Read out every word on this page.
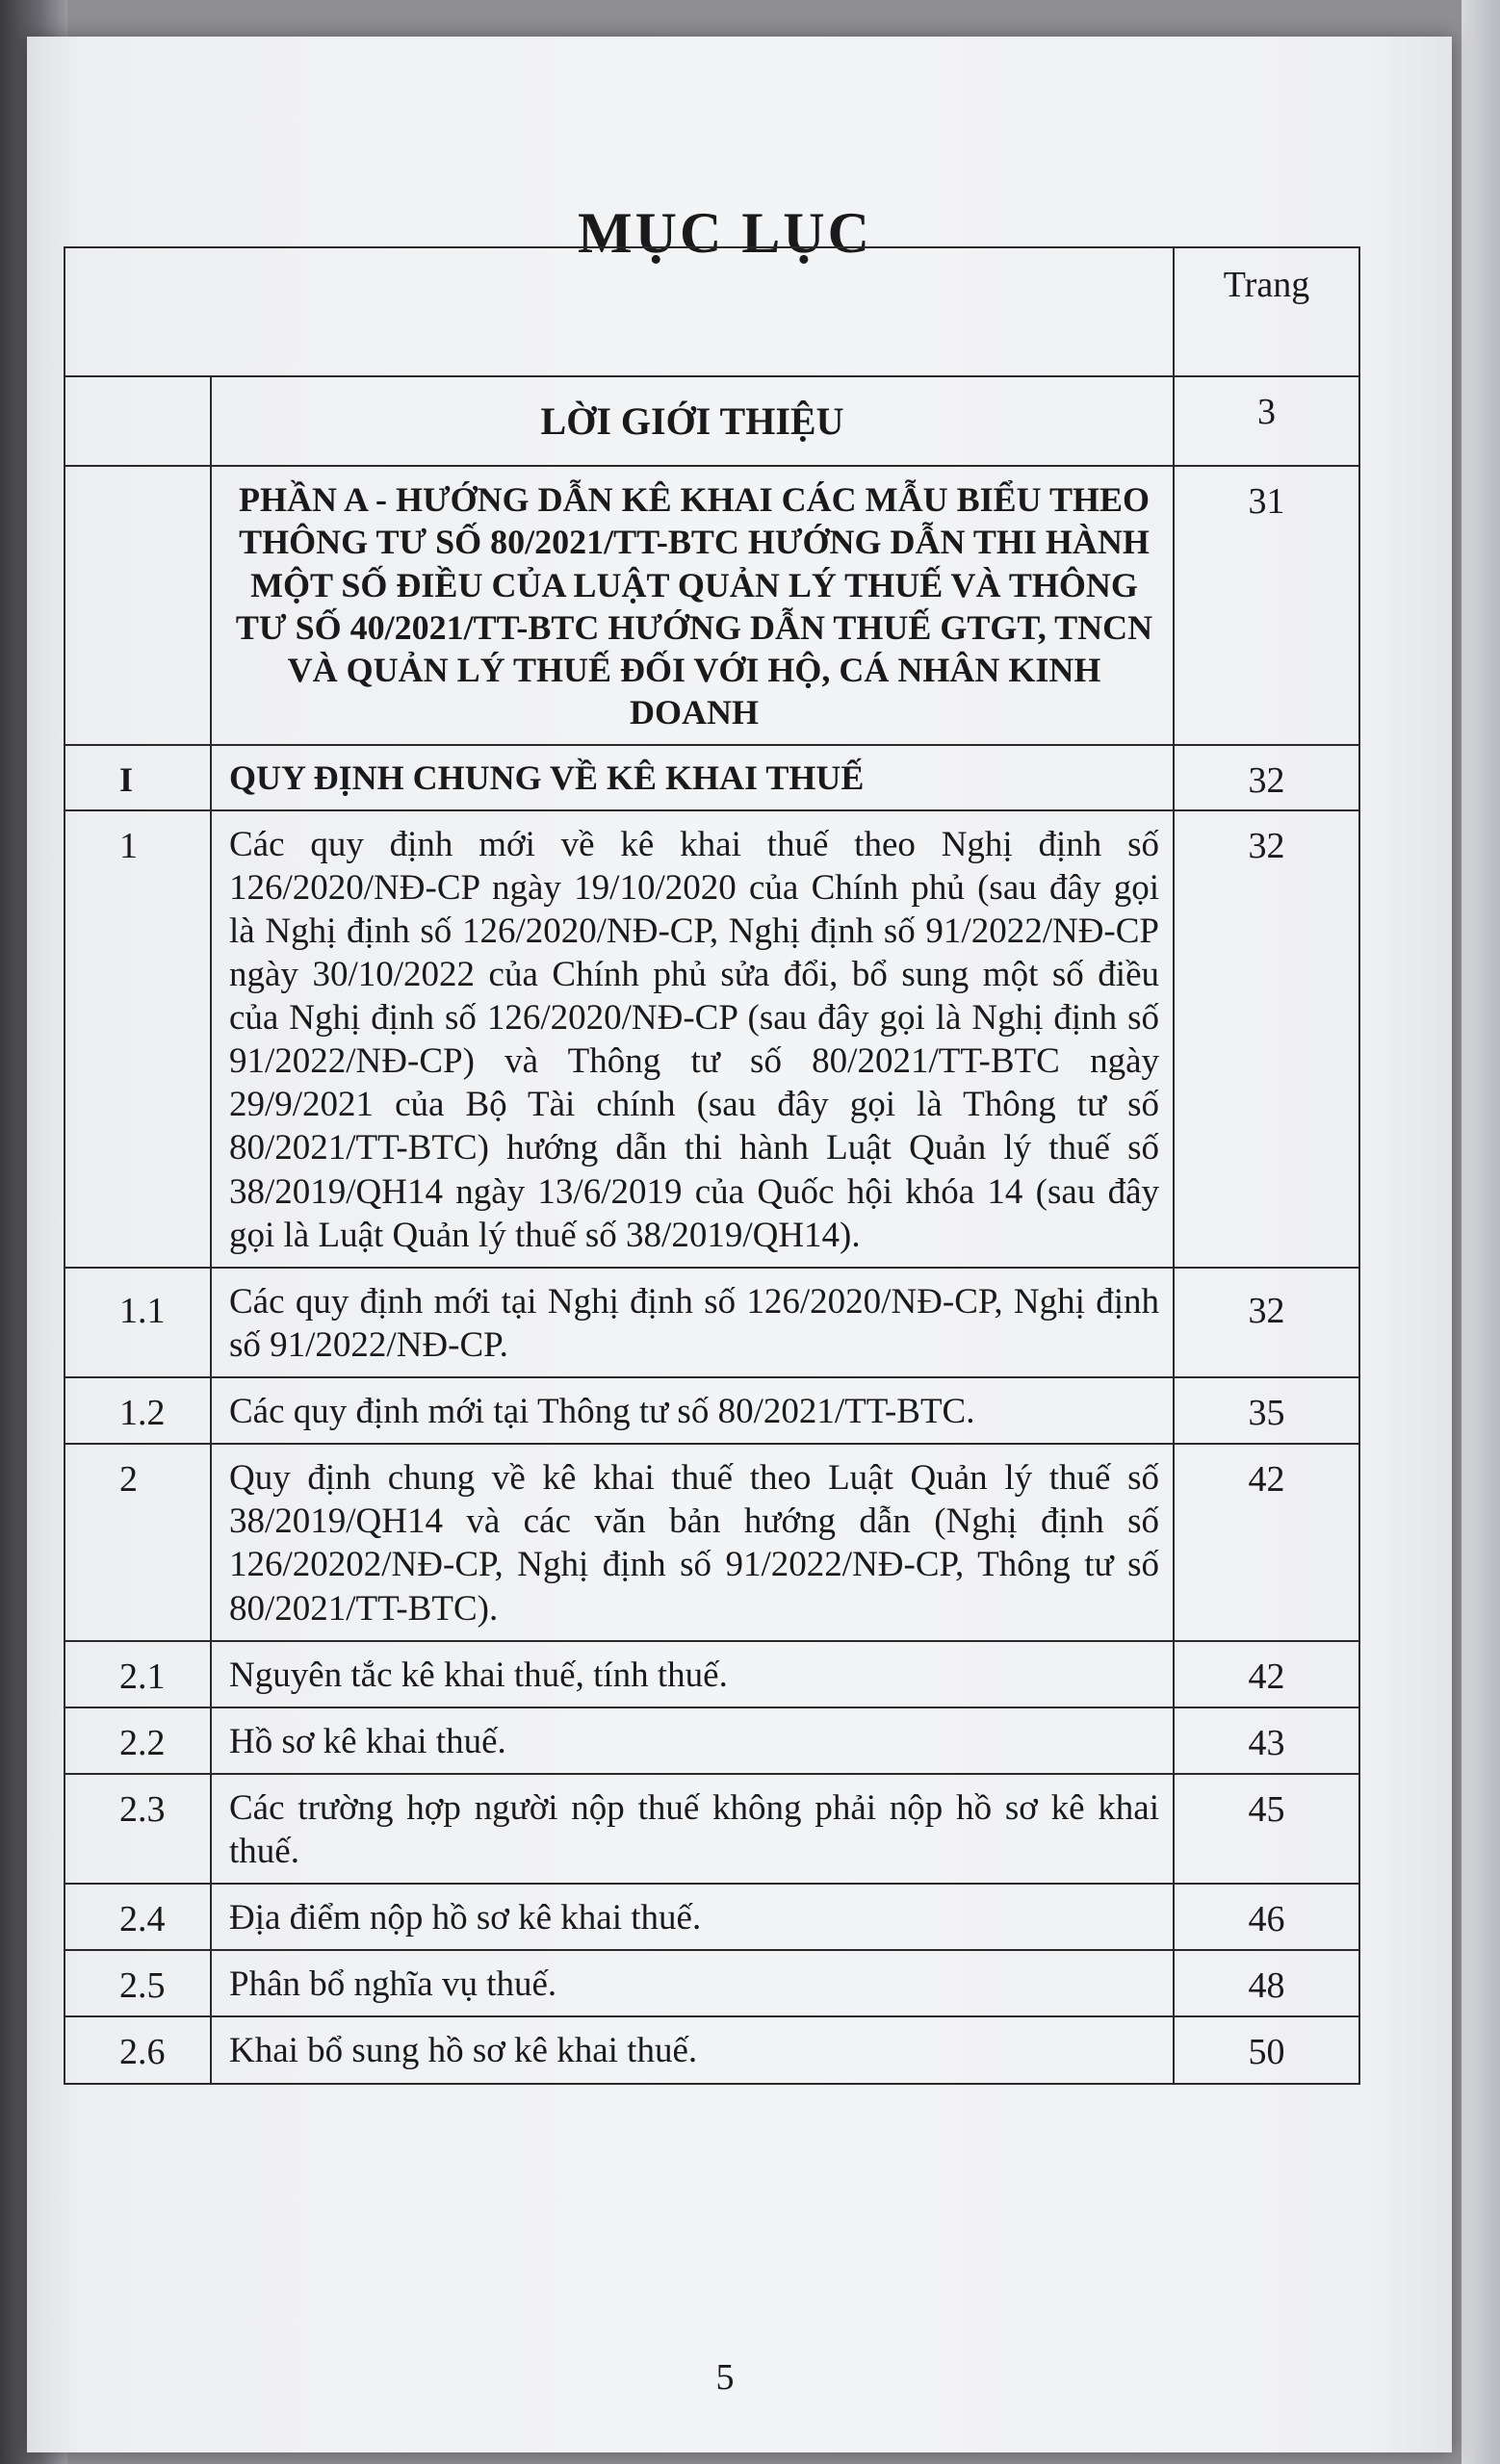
MỤC LỤC
		Trang
	LỜI GIỚI THIỆU	3
	PHẦN A - HƯỚNG DẪN KÊ KHAI CÁC MẪU BIỂU THEO THÔNG TƯ SỐ 80/2021/TT-BTC HƯỚNG DẪN THI HÀNH MỘT SỐ ĐIỀU CỦA LUẬT QUẢN LÝ THUẾ VÀ THÔNG TƯ SỐ 40/2021/TT-BTC HƯỚNG DẪN THUẾ GTGT, TNCN VÀ QUẢN LÝ THUẾ ĐỐI VỚI HỘ, CÁ NHÂN KINH DOANH	31
I	QUY ĐỊNH CHUNG VỀ KÊ KHAI THUẾ	32
1	Các quy định mới về kê khai thuế theo Nghị định số 126/2020/NĐ-CP ngày 19/10/2020 của Chính phủ (sau đây gọi là Nghị định số 126/2020/NĐ-CP, Nghị định số 91/2022/NĐ-CP ngày 30/10/2022 của Chính phủ sửa đổi, bổ sung một số điều của Nghị định số 126/2020/NĐ-CP (sau đây gọi là Nghị định số 91/2022/NĐ-CP) và Thông tư số 80/2021/TT-BTC ngày 29/9/2021 của Bộ Tài chính (sau đây gọi là Thông tư số 80/2021/TT-BTC) hướng dẫn thi hành Luật Quản lý thuế số 38/2019/QH14 ngày 13/6/2019 của Quốc hội khóa 14 (sau đây gọi là Luật Quản lý thuế số 38/2019/QH14).	32
1.1	Các quy định mới tại Nghị định số 126/2020/NĐ-CP, Nghị định số 91/2022/NĐ-CP.	32
1.2	Các quy định mới tại Thông tư số 80/2021/TT-BTC.	35
2	Quy định chung về kê khai thuế theo Luật Quản lý thuế số 38/2019/QH14 và các văn bản hướng dẫn (Nghị định số 126/20202/NĐ-CP, Nghị định số 91/2022/NĐ-CP, Thông tư số 80/2021/TT-BTC).	42
2.1	Nguyên tắc kê khai thuế, tính thuế.	42
2.2	Hồ sơ kê khai thuế.	43
2.3	Các trường hợp người nộp thuế không phải nộp hồ sơ kê khai thuế.	45
2.4	Địa điểm nộp hồ sơ kê khai thuế.	46
2.5	Phân bổ nghĩa vụ thuế.	48
2.6	Khai bổ sung hồ sơ kê khai thuế.	50
5
